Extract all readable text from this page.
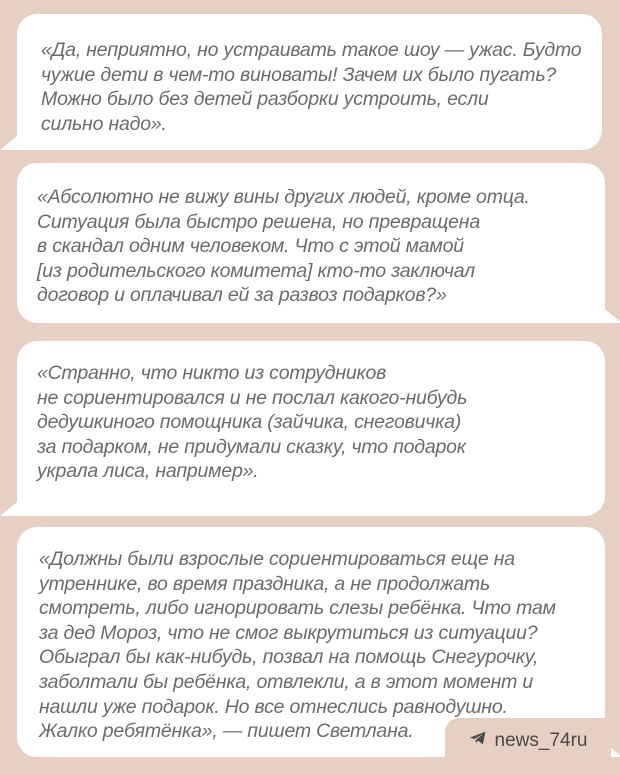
«Да, неприятно, но устраивать такое шоу — ужас. Будто
чужие дети в чем-то виноваты! Зачем их было пугать?
Можно было без детей разборки устроить, если
сильно надо».
«Абсолютно не вижу вины других людей, кроме отца.
Ситуация была быстро решена, но превращена
в скандал одним человеком. Что с этой мамой
[из родительского комитета] кто-то заключал
договор и оплачивал ей за развоз подарков?»
«Странно, что никто из сотрудников
не сориентировался и не послал какого-нибудь
дедушкиного помощника (зайчика, снеговичка)
за подарком, не придумали сказку, что подарок
украла лиса, например».
«Должны были взрослые сориентироваться еще на
утреннике, во время праздника, а не продолжать
смотреть, либо игнорировать слезы ребёнка. Что там
за дед Мороз, что не смог выкрутиться из ситуации?
Обыграл бы как-нибудь, позвал на помощь Снегурочку,
заболтали бы ребёнка, отвлекли, а в этот момент и
нашли уже подарок. Но все отнеслись равнодушно.
Жалко ребятёнка», — пишет Светлана.	news_74ru
